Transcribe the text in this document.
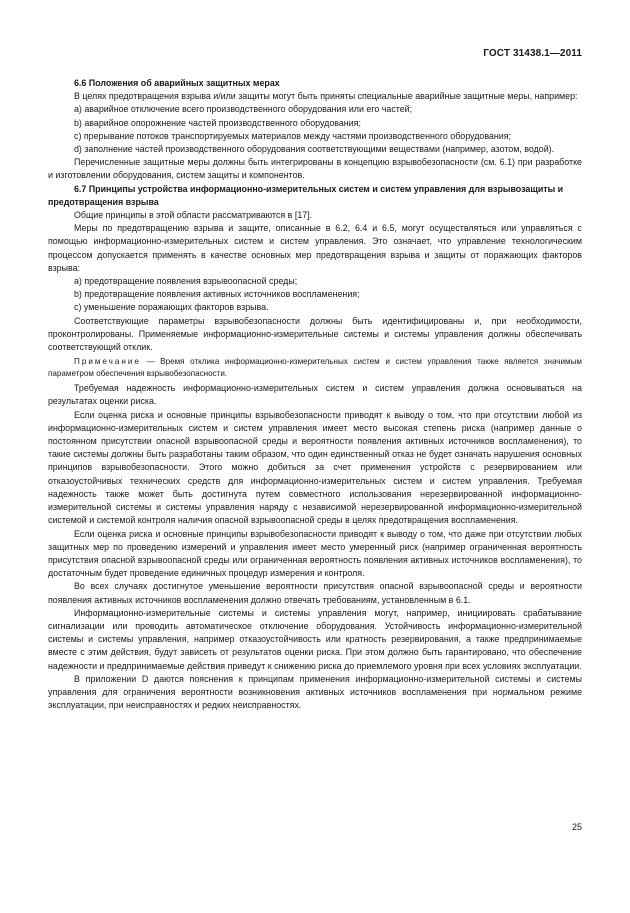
ГОСТ 31438.1—2011
6.6 Положения об аварийных защитных мерах

В целях предотвращения взрыва и/или защиты могут быть приняты специальные аварийные защитные меры, например:

а) аварийное отключение всего производственного оборудования или его частей;

b) аварийное опорожнение частей производственного оборудования;

с) прерывание потоков транспортируемых материалов между частями производственного оборудования;

d) заполнение частей производственного оборудования соответствующими веществами (например, азотом, водой).

Перечисленные защитные меры должны быть интегрированы в концепцию взрывобезопасности (см. 6.1) при разработке и изготовлении оборудования, систем защиты и компонентов.

6.7 Принципы устройства информационно-измерительных систем и систем управления для взрывозащиты и предотвращения взрыва

Общие принципы в этой области рассматриваются в [17].

Меры по предотвращению взрыва и защите, описанные в 6.2, 6.4 и 6.5, могут осуществляться или управляться с помощью информационно-измерительных систем и систем управления. Это означает, что управление технологическим процессом допускается применять в качестве основных мер предотвращения взрыва и защиты от поражающих факторов взрыва:

а) предотвращение появления взрывоопасной среды;

b) предотвращение появления активных источников воспламенения;

с) уменьшение поражающих факторов взрыва.

Соответствующие параметры взрывобезопасности должны быть идентифицированы и, при необходимости, проконтролированы. Применяемые информационно-измерительные системы и системы управления должны обеспечивать соответствующий отклик.

Примечание — Время отклика информационно-измерительных систем и систем управления также является значимым параметром обеспечения взрывобезопасности.

Требуемая надежность информационно-измерительных систем и систем управления должна основываться на результатах оценки риска.

Если оценка риска и основные принципы взрывобезопасности приводят к выводу о том, что при отсутствии любой из информационно-измерительных систем и систем управления имеет место высокая степень риска (например данные о постоянном присутствии опасной взрывоопасной среды и вероятности появления активных источников воспламенения), то такие системы должны быть разработаны таким образом, что один единственный отказ не будет означать нарушения основных принципов взрывобезопасности. Этого можно добиться за счет применения устройств с резервированием или отказоустойчивых технических средств для информационно-измерительных систем и систем управления. Требуемая надежность также может быть достигнута путем совместного использования нерезервированной информационно-измерительной системы и системы управления наряду с независимой нерезервированной информационно-измерительной системой и системой контроля наличия опасной взрывоопасной среды в целях предотвращения воспламенения.

Если оценка риска и основные принципы взрывобезопасности приводят к выводу о том, что даже при отсутствии любых защитных мер по проведению измерений и управления имеет место умеренный риск (например ограниченная вероятность присутствия опасной взрывоопасной среды или ограниченная вероятность появления активных источников воспламенения), то достаточным будет проведение единичных процедур измерения и контроля.

Во всех случаях достигнутое уменьшение вероятности присутствия опасной взрывоопасной среды и вероятности появления активных источников воспламенения должно отвечать требованиям, установленным в 6.1.

Информационно-измерительные системы и системы управления могут, например, инициировать срабатывание сигнализации или проводить автоматическое отключение оборудования. Устойчивость информационно-измерительной системы и системы управления, например отказоустойчивость или кратность резервирования, а также предпринимаемые вместе с этим действия, будут зависеть от результатов оценки риска. При этом должно быть гарантировано, что обеспечение надежности и предпринимаемые действия приведут к снижению риска до приемлемого уровня при всех условиях эксплуатации.

В приложении D даются пояснения к принципам применения информационно-измерительной системы и системы управления для ограничения вероятности возникновения активных источников воспламенения при нормальном режиме эксплуатации, при неисправностях и редких неисправностях.

25
